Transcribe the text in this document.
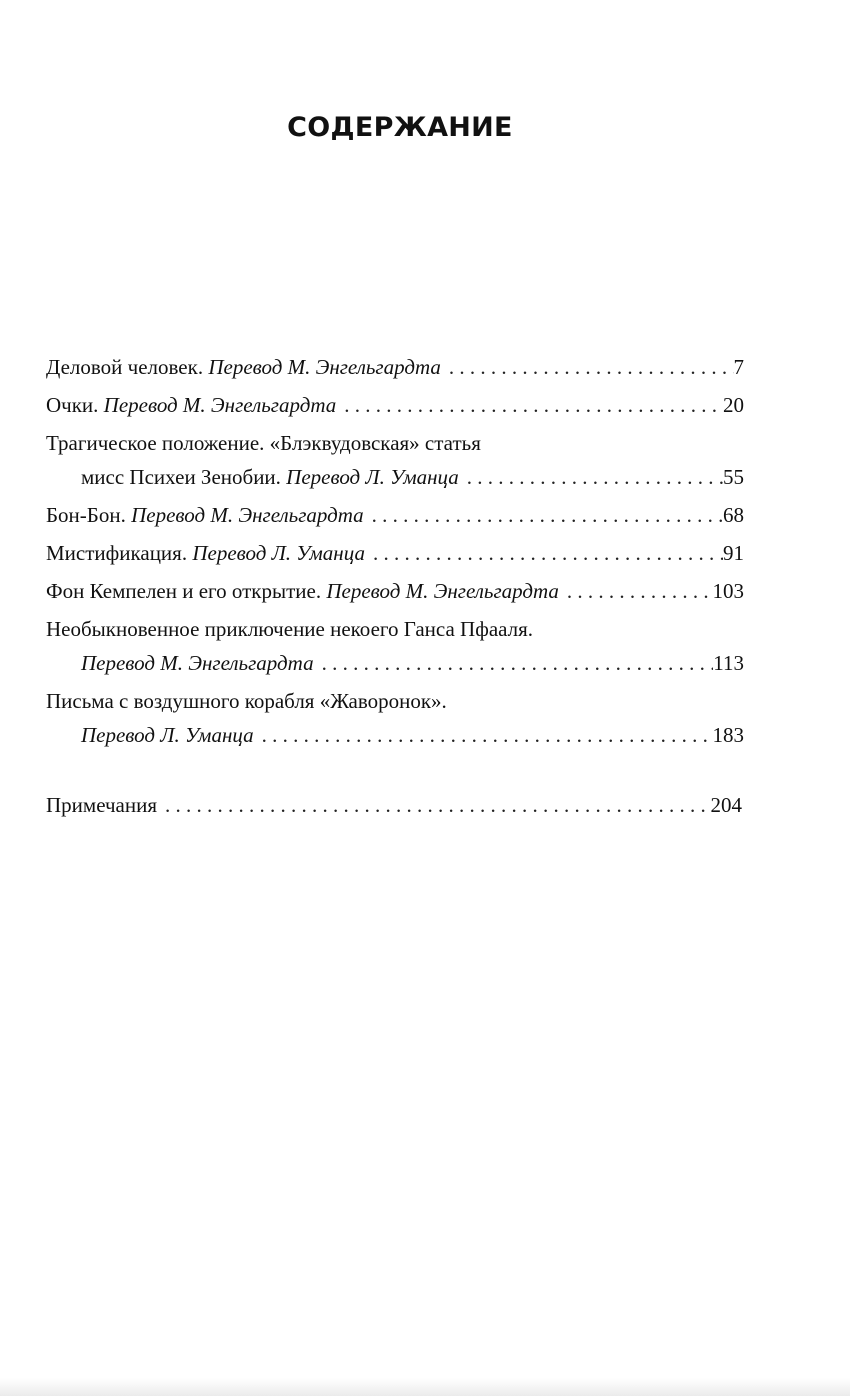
СОДЕРЖАНИЕ
Деловой человек. Перевод М. Энгельгардта . . .	7
Очки. Перевод М. Энгельгардта . . .	20
Трагическое положение. «Блэквудовская» статья
мисс Психеи Зенобии. Перевод Л. Уманца . . .	55
Бон-Бон. Перевод М. Энгельгардта . . .	68
Мистификация. Перевод Л. Уманца . . .	91
Фон Кемпелен и его открытие. Перевод М. Энгельгардта . . .	103
Необыкновенное приключение некоего Ганса Пфааля.
Перевод М. Энгельгардта . . .	113
Письма с воздушного корабля «Жаворонок».
Перевод Л. Уманца . . .	183
Примечания . . .	204
